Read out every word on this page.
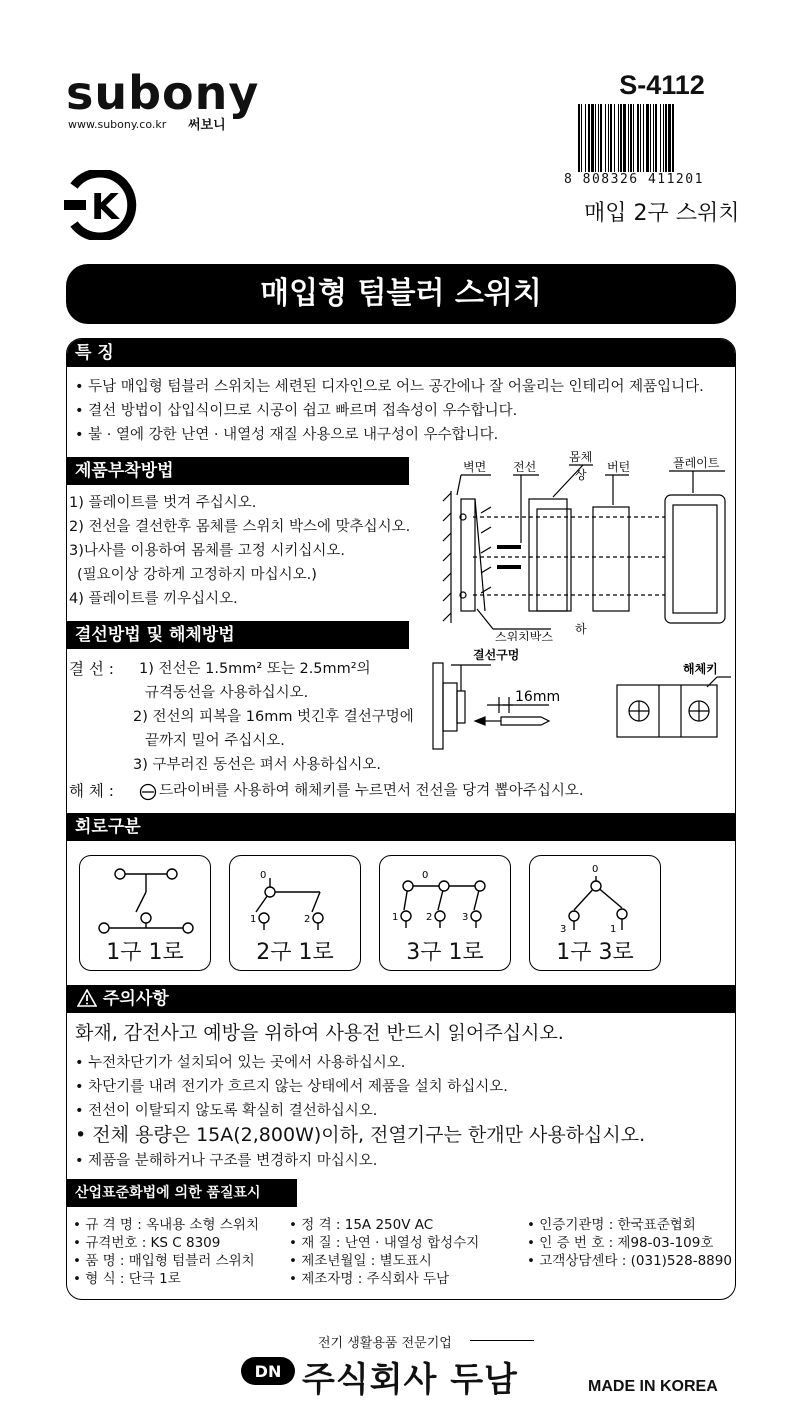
subony
www.subony.co.kr 써보니
K
S-4112
8 808326 411201
매입 2구 스위치
매입형 텀블러 스위치
특 징
• 두남 매입형 텀블러 스위치는 세련된 디자인으로 어느 공간에나 잘 어울리는 인테리어 제품입니다.
• 결선 방법이 삽입식이므로 시공이 쉽고 빠르며 접속성이 우수합니다.
• 불 · 열에 강한 난연 · 내열성 재질 사용으로 내구성이 우수합니다.
제품부착방법
1) 플레이트를 벗겨 주십시오.
2) 전선을 결선한후 몸체를 스위치 박스에 맞추십시오.
3)나사를 이용하여 몸체를 고정 시키십시오.
(필요이상 강하게 고정하지 마십시오.)
4) 플레이트를 끼우십시오.
벽면 전선
몸체
상
버턴	플레이트
스위치박스
하
결선방법 및 해체방법
결 선 : 1) 전선은 1.5mm² 또는 2.5mm²의
규격동선을 사용하십시오.
2) 전선의 피복을 16mm 벗긴후 결선구멍에
끝까지 밀어 주십시오.
3) 구부러진 동선은 펴서 사용하십시오.
해 체 :	드라이버를 사용하여 해체키를 누르면서 전선을 당겨 뽑아주십시오.
결선구멍
16mm
해체키
회로구분
1구 1로
0
1	2
2구 1로
0
1	2	3
3구 1로
0
3	1
1구 3로
주의사항
화재, 감전사고 예방을 위하여 사용전 반드시 읽어주십시오.
• 누전차단기가 설치되어 있는 곳에서 사용하십시오.
• 차단기를 내려 전기가 흐르지 않는 상태에서 제품을 설치 하십시오.
• 전선이 이탈되지 않도록 확실히 결선하십시오.
• 전체 용량은 15A(2,800W)이하, 전열기구는 한개만 사용하십시오.
• 제품을 분해하거나 구조를 변경하지 마십시오.
산업표준화법에 의한 품질표시
• 규 격 명 : 옥내용 소형 스위치
• 규격번호 : KS C 8309
• 품 명 : 매입형 텀블러 스위치
• 형 식 : 단극 1로
• 정 격 : 15A 250V AC
• 재 질 : 난연 · 내열성 합성수지
• 제조년월일 : 별도표시
• 제조자명 : 주식회사 두남
• 인증기관명 : 한국표준협회
• 인 증 번 호 : 제98-03-109호
• 고객상담센타 : (031)528-8890
전기 생활용품 전문기업
DN 주식회사 두남	MADE IN KOREA
